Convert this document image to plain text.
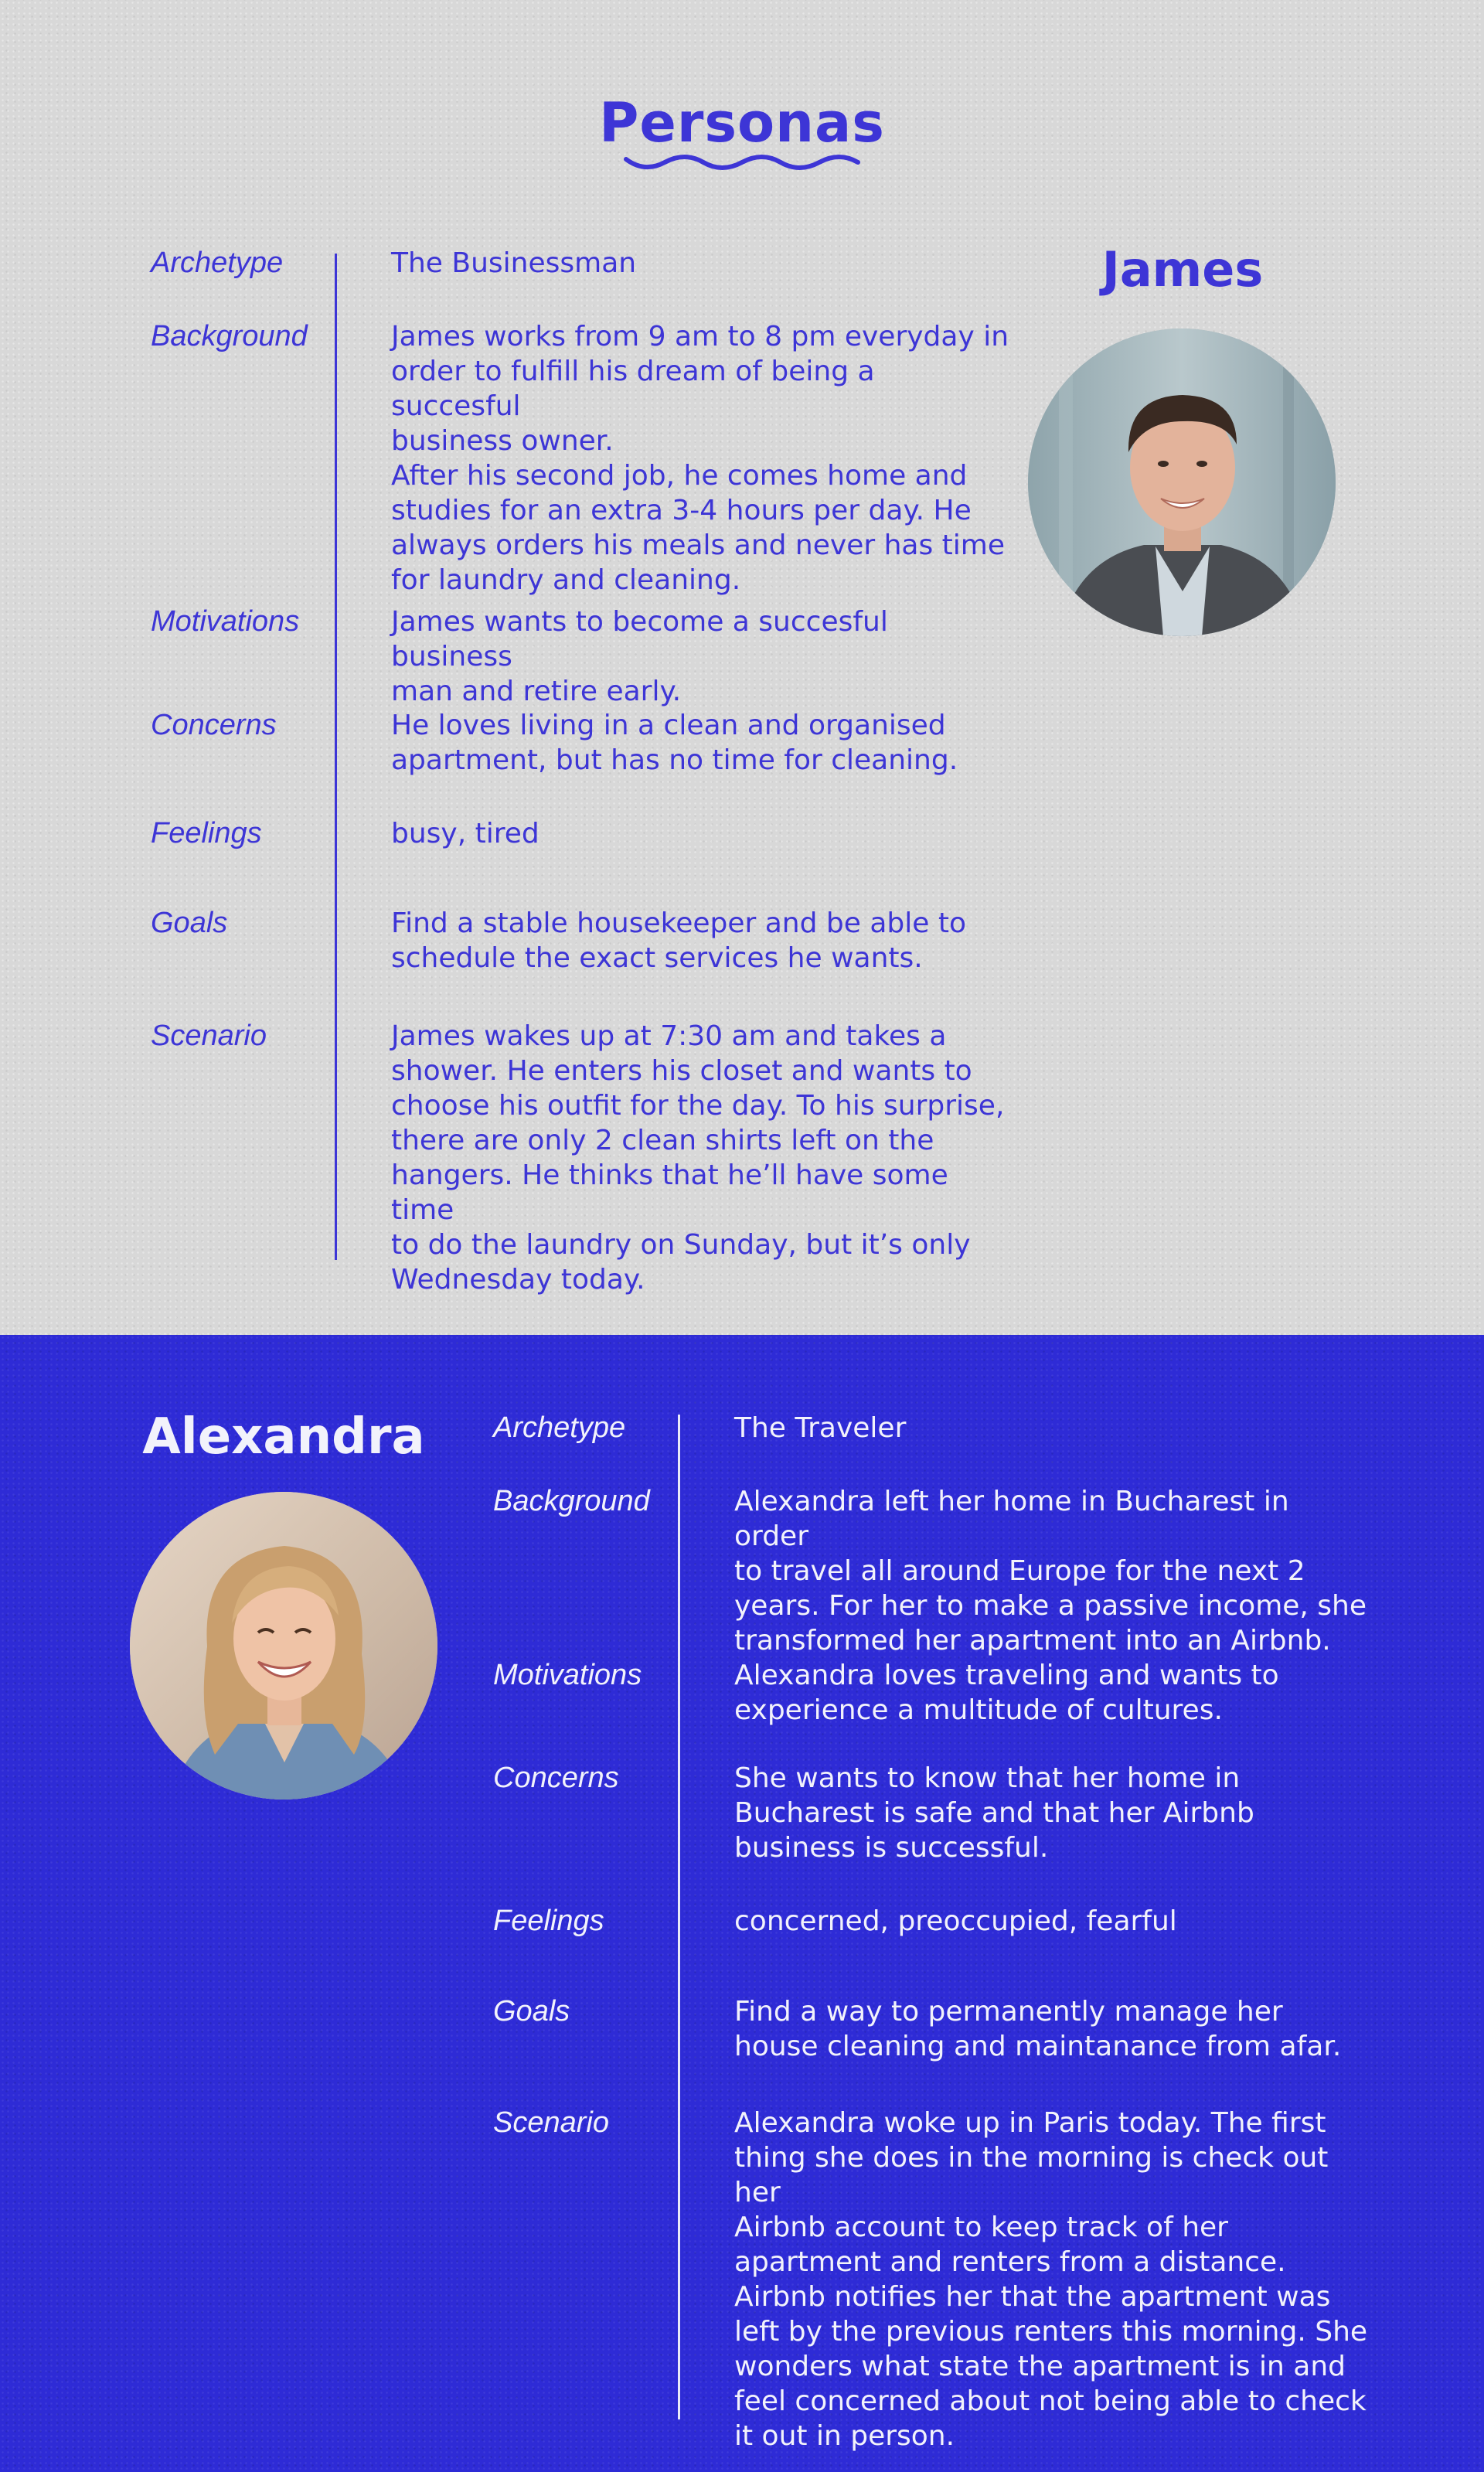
Personas
James
Archetype	The Businessman
Background	James works from 9 am to 8 pm everyday in
order to fulfill his dream of being a succesful
business owner.
After his second job, he comes home and
studies for an extra 3-4 hours per day. He
always orders his meals and never has time
for laundry and cleaning.
Motivations	James wants to become a succesful business
man and retire early.
Concerns	He loves living in a clean and organised
apartment, but has no time for cleaning.
Feelings	busy, tired
Goals	Find a stable housekeeper and be able to
schedule the exact services he wants.
Scenario	James wakes up at 7:30 am and takes a
shower. He enters his closet and wants to
choose his outfit for the day. To his surprise,
there are only 2 clean shirts left on the
hangers. He thinks that he’ll have some time
to do the laundry on Sunday, but it’s only
Wednesday today.
Alexandra	Archetype	The Traveler
Background	Alexandra left her home in Bucharest in order
to travel all around Europe for the next 2
years. For her to make a passive income, she
transformed her apartment into an Airbnb.
Motivations	Alexandra loves traveling and wants to
experience a multitude of cultures.
Concerns	She wants to know that her home in
Bucharest is safe and that her Airbnb
business is successful.
Feelings	concerned, preoccupied, fearful
Goals	Find a way to permanently manage her
house cleaning and maintanance from afar.
Scenario	Alexandra woke up in Paris today. The first
thing she does in the morning is check out her
Airbnb account to keep track of her
apartment and renters from a distance.
Airbnb notifies her that the apartment was
left by the previous renters this morning. She
wonders what state the apartment is in and
feel concerned about not being able to check
it out in person.
